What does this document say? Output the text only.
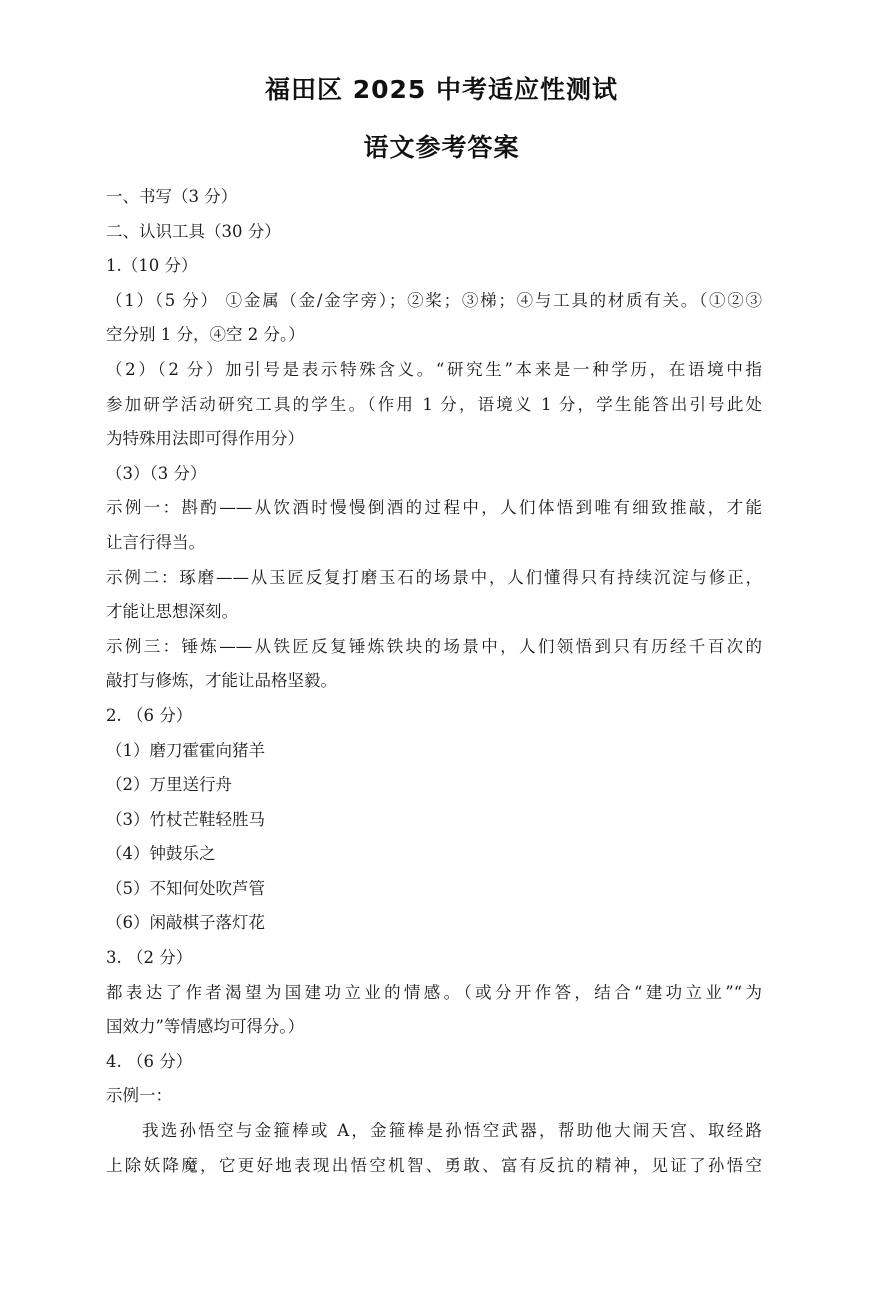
福田区 2025 中考适应性测试
语文参考答案
一、书写（3 分）
二、认识工具（30 分）
1.（10 分）
（1）（5 分） ①金属（金/金字旁）；②桨；③梯；④与工具的材质有关。（①②③
空分别 1 分，④空 2 分。）
（2）（2 分）加引号是表示特殊含义。“研究生”本来是一种学历，在语境中指
参加研学活动研究工具的学生。（作用 1 分，语境义 1 分，学生能答出引号此处
为特殊用法即可得作用分）
（3）（3 分）
示例一：斟酌——从饮酒时慢慢倒酒的过程中，人们体悟到唯有细致推敲，才能
让言行得当。
示例二：琢磨——从玉匠反复打磨玉石的场景中，人们懂得只有持续沉淀与修正，
才能让思想深刻。
示例三：锤炼——从铁匠反复锤炼铁块的场景中，人们领悟到只有历经千百次的
敲打与修炼，才能让品格坚毅。
2. （6 分）
（1）磨刀霍霍向猪羊
（2）万里送行舟
（3）竹杖芒鞋轻胜马
（4）钟鼓乐之
（5）不知何处吹芦管
（6）闲敲棋子落灯花
3. （2 分）
都表达了作者渴望为国建功立业的情感。（或分开作答，结合“建功立业”“为
国效力”等情感均可得分。）
4. （6 分）
示例一：
我选孙悟空与金箍棒或 A，金箍棒是孙悟空武器，帮助他大闹天宫、取经路
上除妖降魔，它更好地表现出悟空机智、勇敢、富有反抗的精神，见证了孙悟空
